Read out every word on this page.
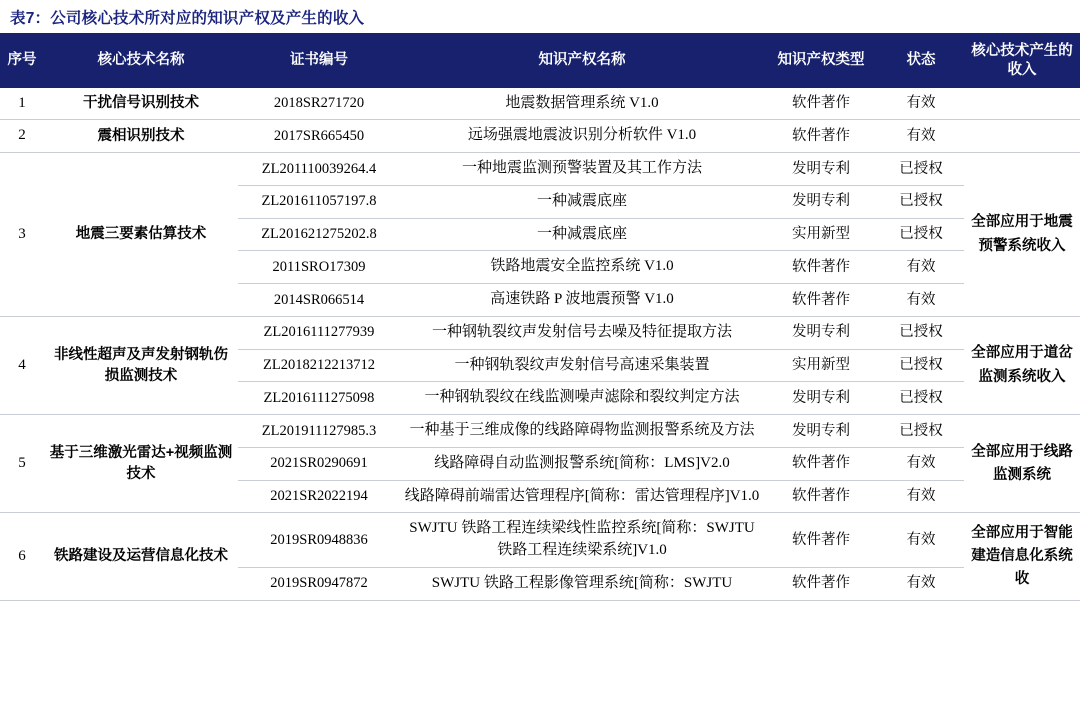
表7：公司核心技术所对应的知识产权及产生的收入
序号	核心技术名称	证书编号	知识产权名称	知识产权类型	状态	核心技术产生的收入
1	干扰信号识别技术	2018SR271720	地震数据管理系统 V1.0	软件著作	有效	
2	震相识别技术	2017SR665450	远场强震地震波识别分析软件 V1.0	软件著作	有效	
3	地震三要素估算技术	ZL201110039264.4	一种地震监测预警装置及其工作方法	发明专利	已授权	全部应用于地震预警系统收入
		ZL201611057197.8	一种减震底座	发明专利	已授权	
		ZL201621275202.8	一种减震底座	实用新型	已授权	
		2011SRO17309	铁路地震安全监控系统 V1.0	软件著作	有效	
		2014SR066514	高速铁路 P 波地震预警 V1.0	软件著作	有效	
4	非线性超声及声发射钢轨伤损监测技术	ZL2016111277939	一种钢轨裂纹声发射信号去噪及特征提取方法	发明专利	已授权	全部应用于道岔监测系统收入
		ZL2018212213712	一种钢轨裂纹声发射信号高速采集装置	实用新型	已授权	
		ZL2016111275098	一种钢轨裂纹在线监测噪声滤除和裂纹判定方法	发明专利	已授权	
5	基于三维激光雷达+视频监测技术	ZL201911127985.3	一种基于三维成像的线路障碍物监测报警系统及方法	发明专利	已授权	全部应用于线路监测系统
		2021SR0290691	线路障碍自动监测报警系统[简称：LMS]V2.0	软件著作	有效	
		2021SR2022194	线路障碍前端雷达管理程序[简称：雷达管理程序]V1.0	软件著作	有效	
6	铁路建设及运营信息化技术	2019SR0948836	SWJTU 铁路工程连续梁线性监控系统[简称：SWJTU 铁路工程连续梁系统]V1.0	软件著作	有效	全部应用于智能建造信息化系统收
		2019SR0947872	SWJTU 铁路工程影像管理系统[简称：SWJTU	软件著作	有效	
